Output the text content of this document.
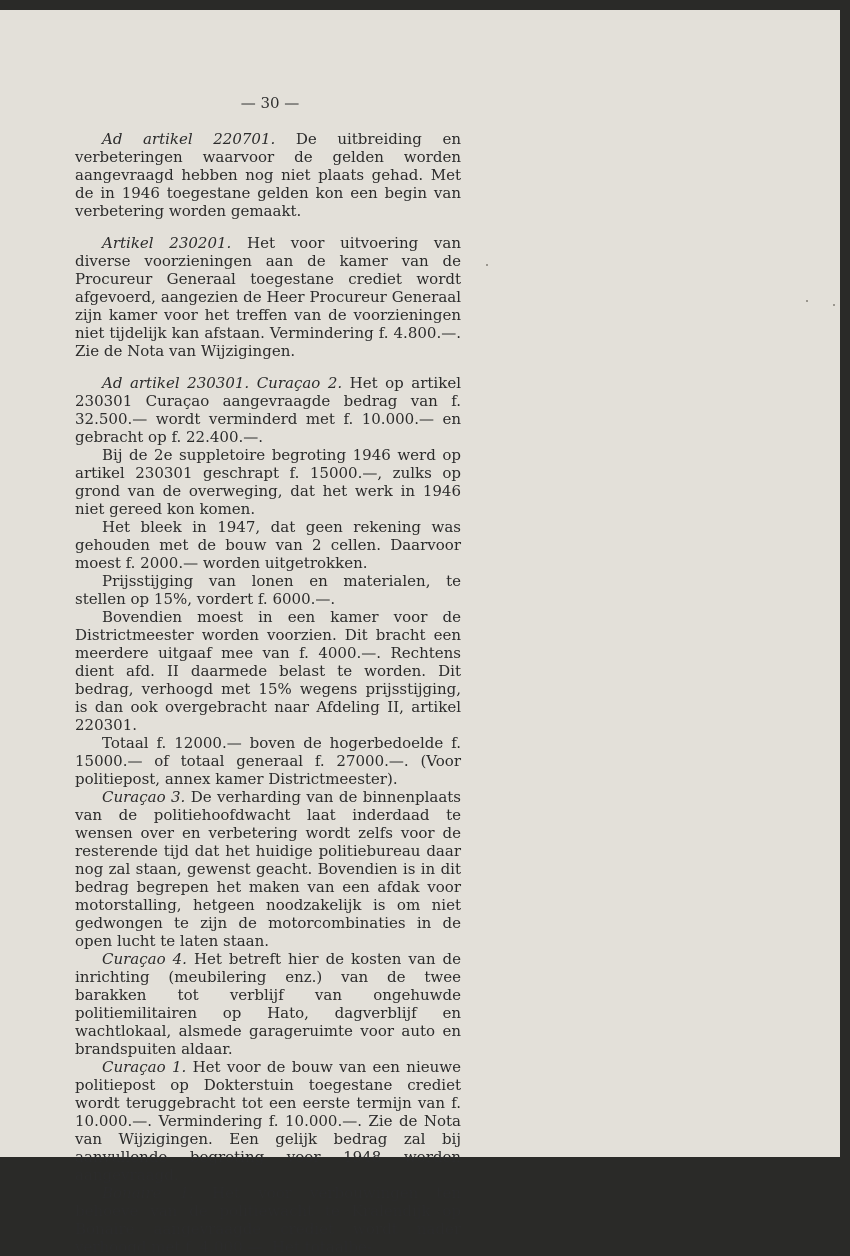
— 30 —

Ad artikel 220701. De uitbreiding en verbeteringen waarvoor de gelden worden aangevraagd hebben nog niet plaats gehad. Met de in 1946 toegestane gelden kon een begin van verbetering worden gemaakt.

Artikel 230201. Het voor uitvoering van diverse voorzieningen aan de kamer van de Procureur Generaal toegestane crediet wordt afgevoerd, aangezien de Heer Procureur Generaal zijn kamer voor het treffen van de voorzieningen niet tijdelijk kan afstaan. Vermindering f. 4.800.—. Zie de Nota van Wijzigingen.

Ad artikel 230301. Curaçao 2. Het op artikel 230301 Curaçao aangevraagde bedrag van f. 32.500.— wordt verminderd met f. 10.000.— en gebracht op f. 22.400.—.

Bij de 2e suppletoire begroting 1946 werd op artikel 230301 geschrapt f. 15000.—, zulks op grond van de overweging, dat het werk in 1946 niet gereed kon komen.

Het bleek in 1947, dat geen rekening was gehouden met de bouw van 2 cellen. Daarvoor moest f. 2000.— worden uitgetrokken.

Prijsstijging van lonen en materialen, te stellen op 15%, vordert f. 6000.—.

Bovendien moest in een kamer voor de Districtmeester worden voorzien. Dit bracht een meerdere uitgaaf mee van f. 4000.—. Rechtens dient afd. II daarmede belast te worden. Dit bedrag, verhoogd met 15% wegens prijsstijging, is dan ook overgebracht naar Afdeling II, artikel 220301.

Totaal f. 12000.— boven de hogerbedoelde f. 15000.— of totaal generaal f. 27000.—. (Voor politiepost, annex kamer Districtmeester).

Curaçao 3. De verharding van de binnenplaats van de politiehoofdwacht laat inderdaad te wensen over en verbetering wordt zelfs voor de resterende tijd dat het huidige politiebureau daar nog zal staan, gewenst geacht. Bovendien is in dit bedrag begrepen het maken van een afdak voor motorstalling, hetgeen noodzakelijk is om niet gedwongen te zijn de motorcombinaties in de open lucht te laten staan.

Curaçao 4. Het betreft hier de kosten van de inrichting (meubilering enz.) van de twee barakken tot verblijf van ongehuwde politiemilitairen op Hato, dagverblijf en wachtlokaal, alsmede garageruimte voor auto en brandspuiten aldaar.

Curaçao 1. Het voor de bouw van een nieuwe politiepost op Dokterstuin toegestane crediet wordt teruggebracht tot een eerste termijn van f. 10.000.—. Vermindering f. 10.000.—. Zie de Nota van Wijzigingen. Een gelijk bedrag zal bij aanvullende begroting voor 1948 worden aangevraagd.

Bonaire 1. Het voor verbouwingen ten behoeve van de politiewacht te Kralendijk op Bonaire aangevraagde crediet wordt nader verhoogd met f. 4.000.—. Het totaalbe-
